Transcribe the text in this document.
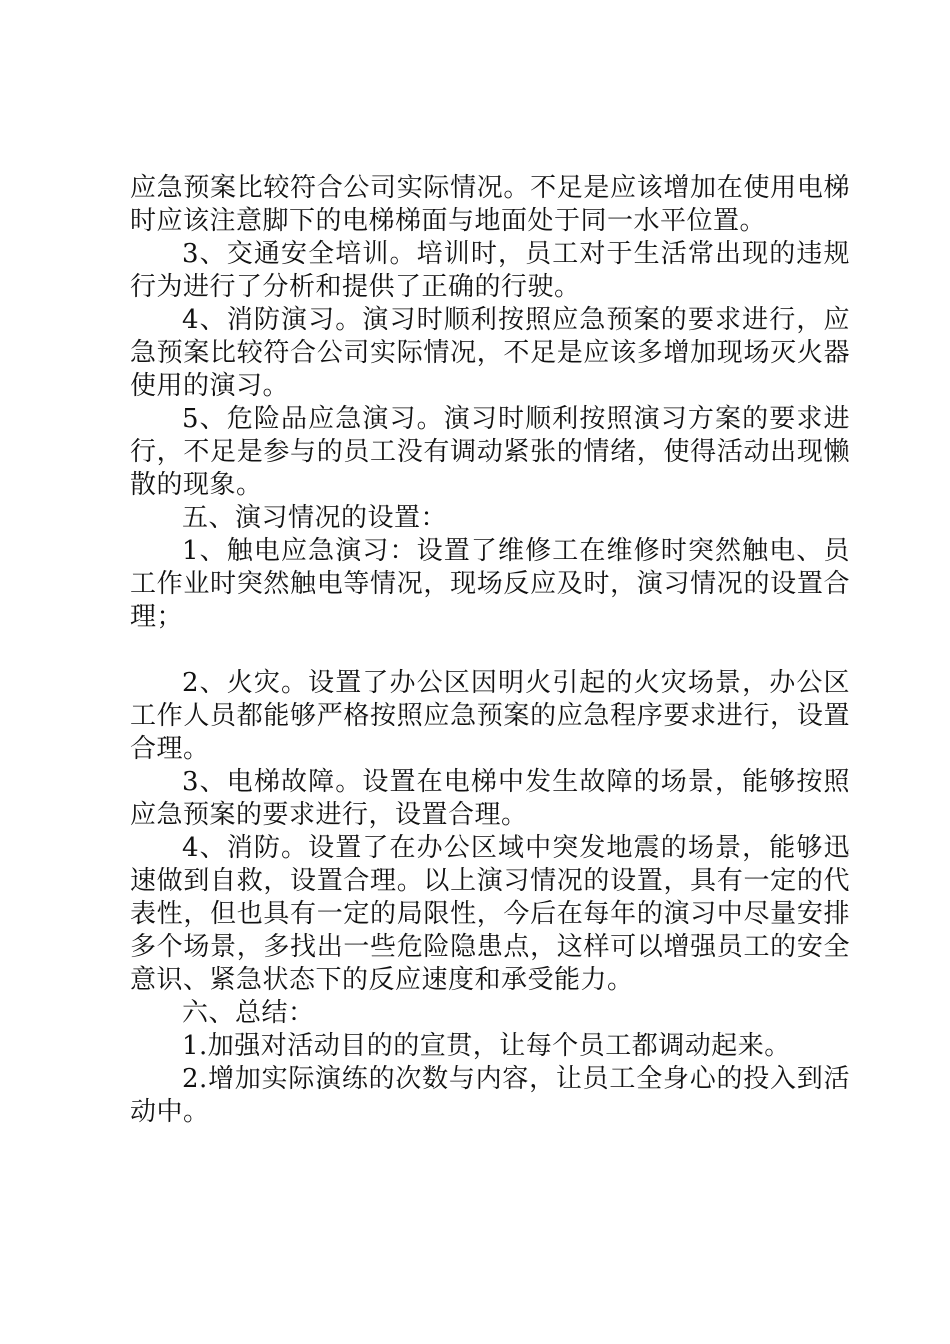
应急预案比较符合公司实际情况。不足是应该增加在使用电梯时应该注意脚下的电梯梯面与地面处于同一水平位置。

3、交通安全培训。培训时，员工对于生活常出现的违规行为进行了分析和提供了正确的行驶。

4、消防演习。演习时顺利按照应急预案的要求进行，应急预案比较符合公司实际情况，不足是应该多增加现场灭火器使用的演习。

5、危险品应急演习。演习时顺利按照演习方案的要求进行，不足是参与的员工没有调动紧张的情绪，使得活动出现懒散的现象。

五、演习情况的设置：

1、触电应急演习：设置了维修工在维修时突然触电、员工作业时突然触电等情况，现场反应及时，演习情况的设置合理；

2、火灾。设置了办公区因明火引起的火灾场景，办公区工作人员都能够严格按照应急预案的应急程序要求进行，设置合理。

3、电梯故障。设置在电梯中发生故障的场景，能够按照应急预案的要求进行，设置合理。

4、消防。设置了在办公区域中突发地震的场景，能够迅速做到自救，设置合理。以上演习情况的设置，具有一定的代表性，但也具有一定的局限性，今后在每年的演习中尽量安排多个场景，多找出一些危险隐患点，这样可以增强员工的安全意识、紧急状态下的反应速度和承受能力。

六、总结：

1.加强对活动目的的宣贯，让每个员工都调动起来。

2.增加实际演练的次数与内容，让员工全身心的投入到活动中。
